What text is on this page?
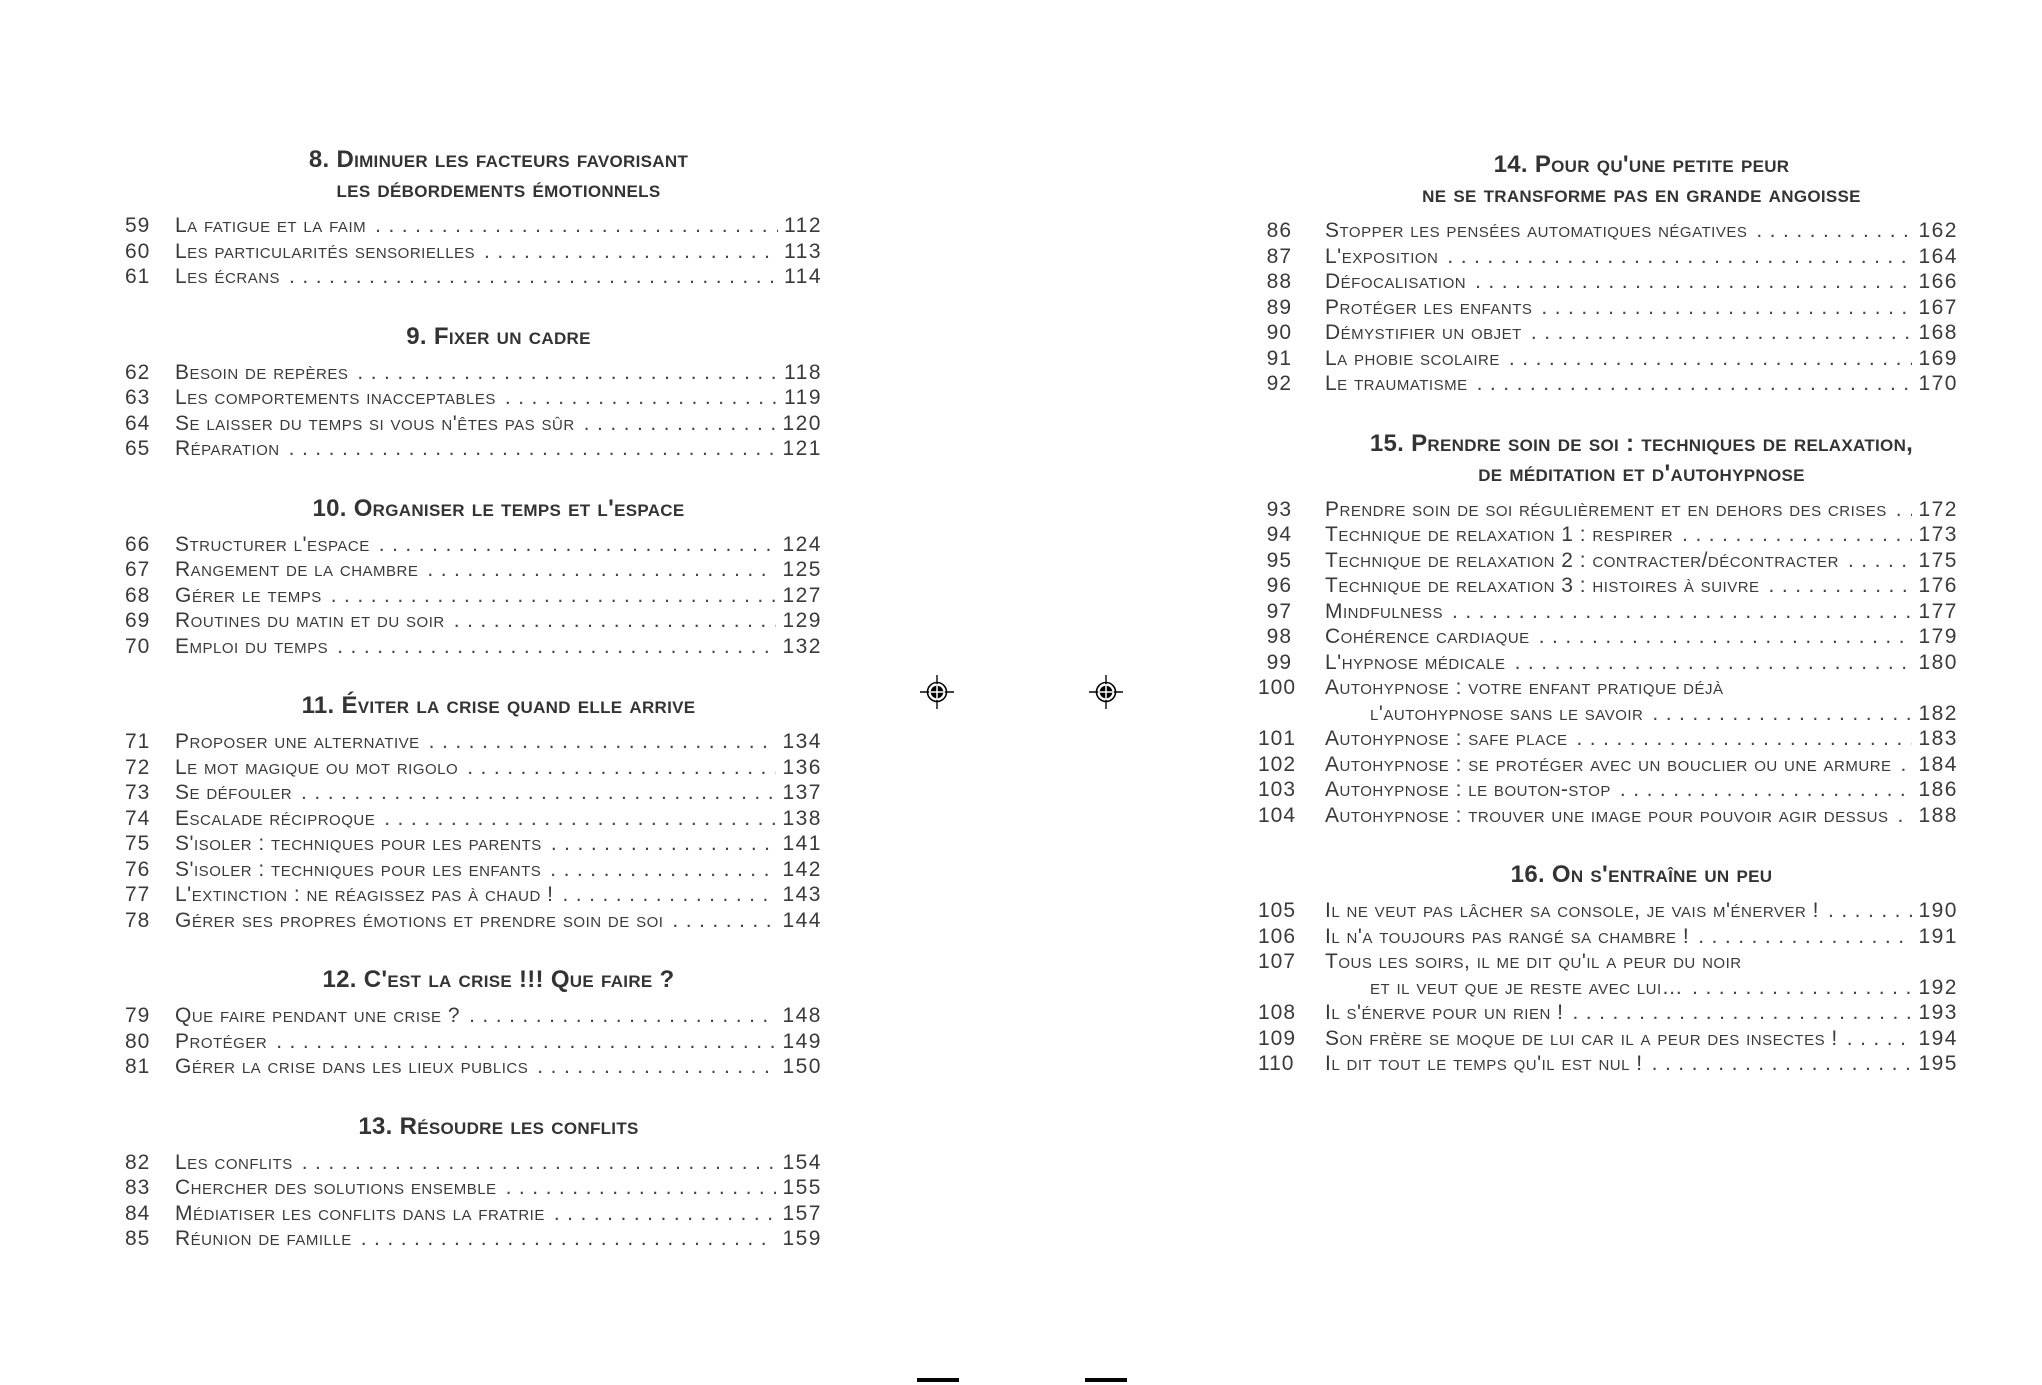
8. Diminuer les facteurs favorisant
les débordements émotionnels
59	La fatigue et la faim .....	112
60	Les particularités sensorielles .....	113
61	Les écrans .....	114
9. Fixer un cadre
62	Besoin de repères .....	118
63	Les comportements inacceptables .....	119
64	Se laisser du temps si vous n'êtes pas sûr .....	120
65	Réparation .....	121
10. Organiser le temps et l'espace
66	Structurer l'espace .....	124
67	Rangement de la chambre .....	125
68	Gérer le temps .....	127
69	Routines du matin et du soir .....	129
70	Emploi du temps .....	132
11. Éviter la crise quand elle arrive
71	Proposer une alternative .....	134
72	Le mot magique ou mot rigolo .....	136
73	Se défouler .....	137
74	Escalade réciproque .....	138
75	S'isoler : techniques pour les parents .....	141
76	S'isoler : techniques pour les enfants .....	142
77	L'extinction : ne réagissez pas à chaud ! .....	143
78	Gérer ses propres émotions et prendre soin de soi .....	144
12. C'est la crise !!! Que faire ?
79	Que faire pendant une crise ? .....	148
80	Protéger .....	149
81	Gérer la crise dans les lieux publics .....	150
13. Résoudre les conflits
82	Les conflits .....	154
83	Chercher des solutions ensemble .....	155
84	Médiatiser les conflits dans la fratrie .....	157
85	Réunion de famille .....	159
14. Pour qu'une petite peur
ne se transforme pas en grande angoisse
86 Stopper les pensées automatiques négatives .....	162
87 L'exposition .....	164
88 Défocalisation .....	166
89 Protéger les enfants .....	167
90 Démystifier un objet .....	168
91 La phobie scolaire .....	169
92 Le traumatisme .....	170
15. Prendre soin de soi : techniques de relaxation,
de méditation et d'autohypnose
93 Prendre soin de soi régulièrement et en dehors des crises ..... 172
94 Technique de relaxation 1 : respirer .....	173
95 Technique de relaxation 2 : contracter/décontracter .....	175
96 Technique de relaxation 3 : histoires à suivre .....	176
97 Mindfulness .....	177
98 Cohérence cardiaque .....	179
99 L'hypnose médicale .....	180
100 Autohypnose : votre enfant pratique déjà
l'autohypnose sans le savoir .....	182
101 Autohypnose : safe place .....	183
102 Autohypnose : se protéger avec un bouclier ou une armure ..... 184
103 Autohypnose : le bouton-stop .....	186
104 Autohypnose : trouver une image pour pouvoir agir dessus ..... 188
16. On s'entraîne un peu
105 Il ne veut pas lâcher sa console, je vais m'énerver ! .....	190
106 Il n'a toujours pas rangé sa chambre ! .....	191
107 Tous les soirs, il me dit qu'il a peur du noir
et il veut que je reste avec lui… .....	192
108 Il s'énerve pour un rien ! .....	193
109 Son frère se moque de lui car il a peur des insectes ! .....	194
110 Il dit tout le temps qu'il est nul ! .....	195
